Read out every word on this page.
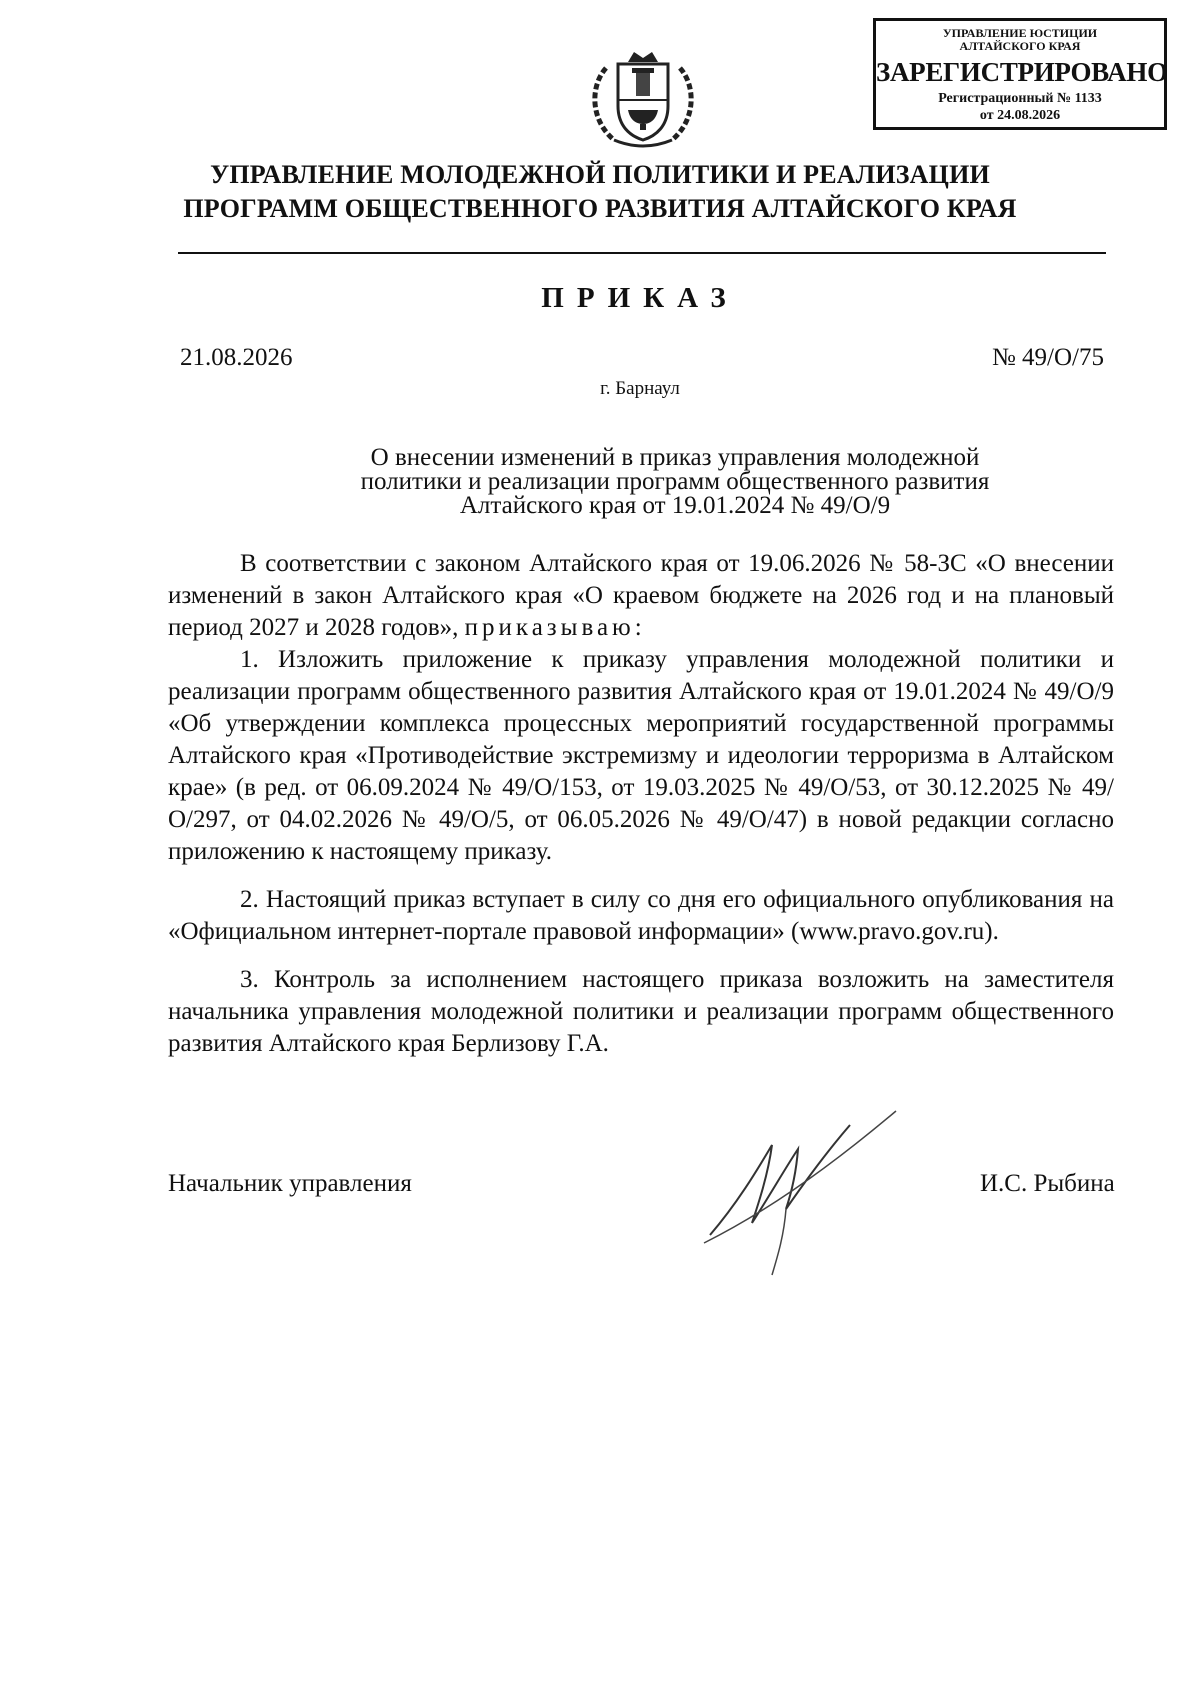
УПРАВЛЕНИЕ ЮСТИЦИИ
АЛТАЙСКОГО КРАЯ
ЗАРЕГИСТРИРОВАНО
Регистрационный № 1133
от 24.08.2026
УПРАВЛЕНИЕ МОЛОДЕЖНОЙ ПОЛИТИКИ И РЕАЛИЗАЦИИ
ПРОГРАММ ОБЩЕСТВЕННОГО РАЗВИТИЯ АЛТАЙСКОГО КРАЯ
ПРИКАЗ
21.08.2026	№ 49/О/75
г. Барнаул
О внесении изменений в приказ управления молодежной
политики и реализации программ общественного развития
Алтайского края от 19.01.2024 № 49/О/9

В соответствии с законом Алтайского края от 19.06.2026 № 58-ЗС «О внесении изменений в закон Алтайского края «О краевом бюджете на 2026 год и на плановый период 2027 и 2028 годов», приказываю:

1. Изложить приложение к приказу управления молодежной политики и реализации программ общественного развития Алтайского края от 19.01.2024 № 49/О/9 «Об утверждении комплекса процессных мероприятий государственной программы Алтайского края «Противодействие экстремизму и идеологии терроризма в Алтайском крае» (в ред. от 06.09.2024 № 49/О/153, от 19.03.2025 № 49/О/53, от 30.12.2025 № 49/О/297, от 04.02.2026 № 49/О/5, от 06.05.2026 № 49/О/47) в новой редакции согласно приложению к настоящему приказу.

2. Настоящий приказ вступает в силу со дня его официального опубликования на «Официальном интернет-портале правовой информации» (www.pravo.gov.ru).

3. Контроль за исполнением настоящего приказа возложить на заместителя начальника управления молодежной политики и реализации программ общественного развития Алтайского края Берлизову Г.А.

Начальник управления	И.С. Рыбина
